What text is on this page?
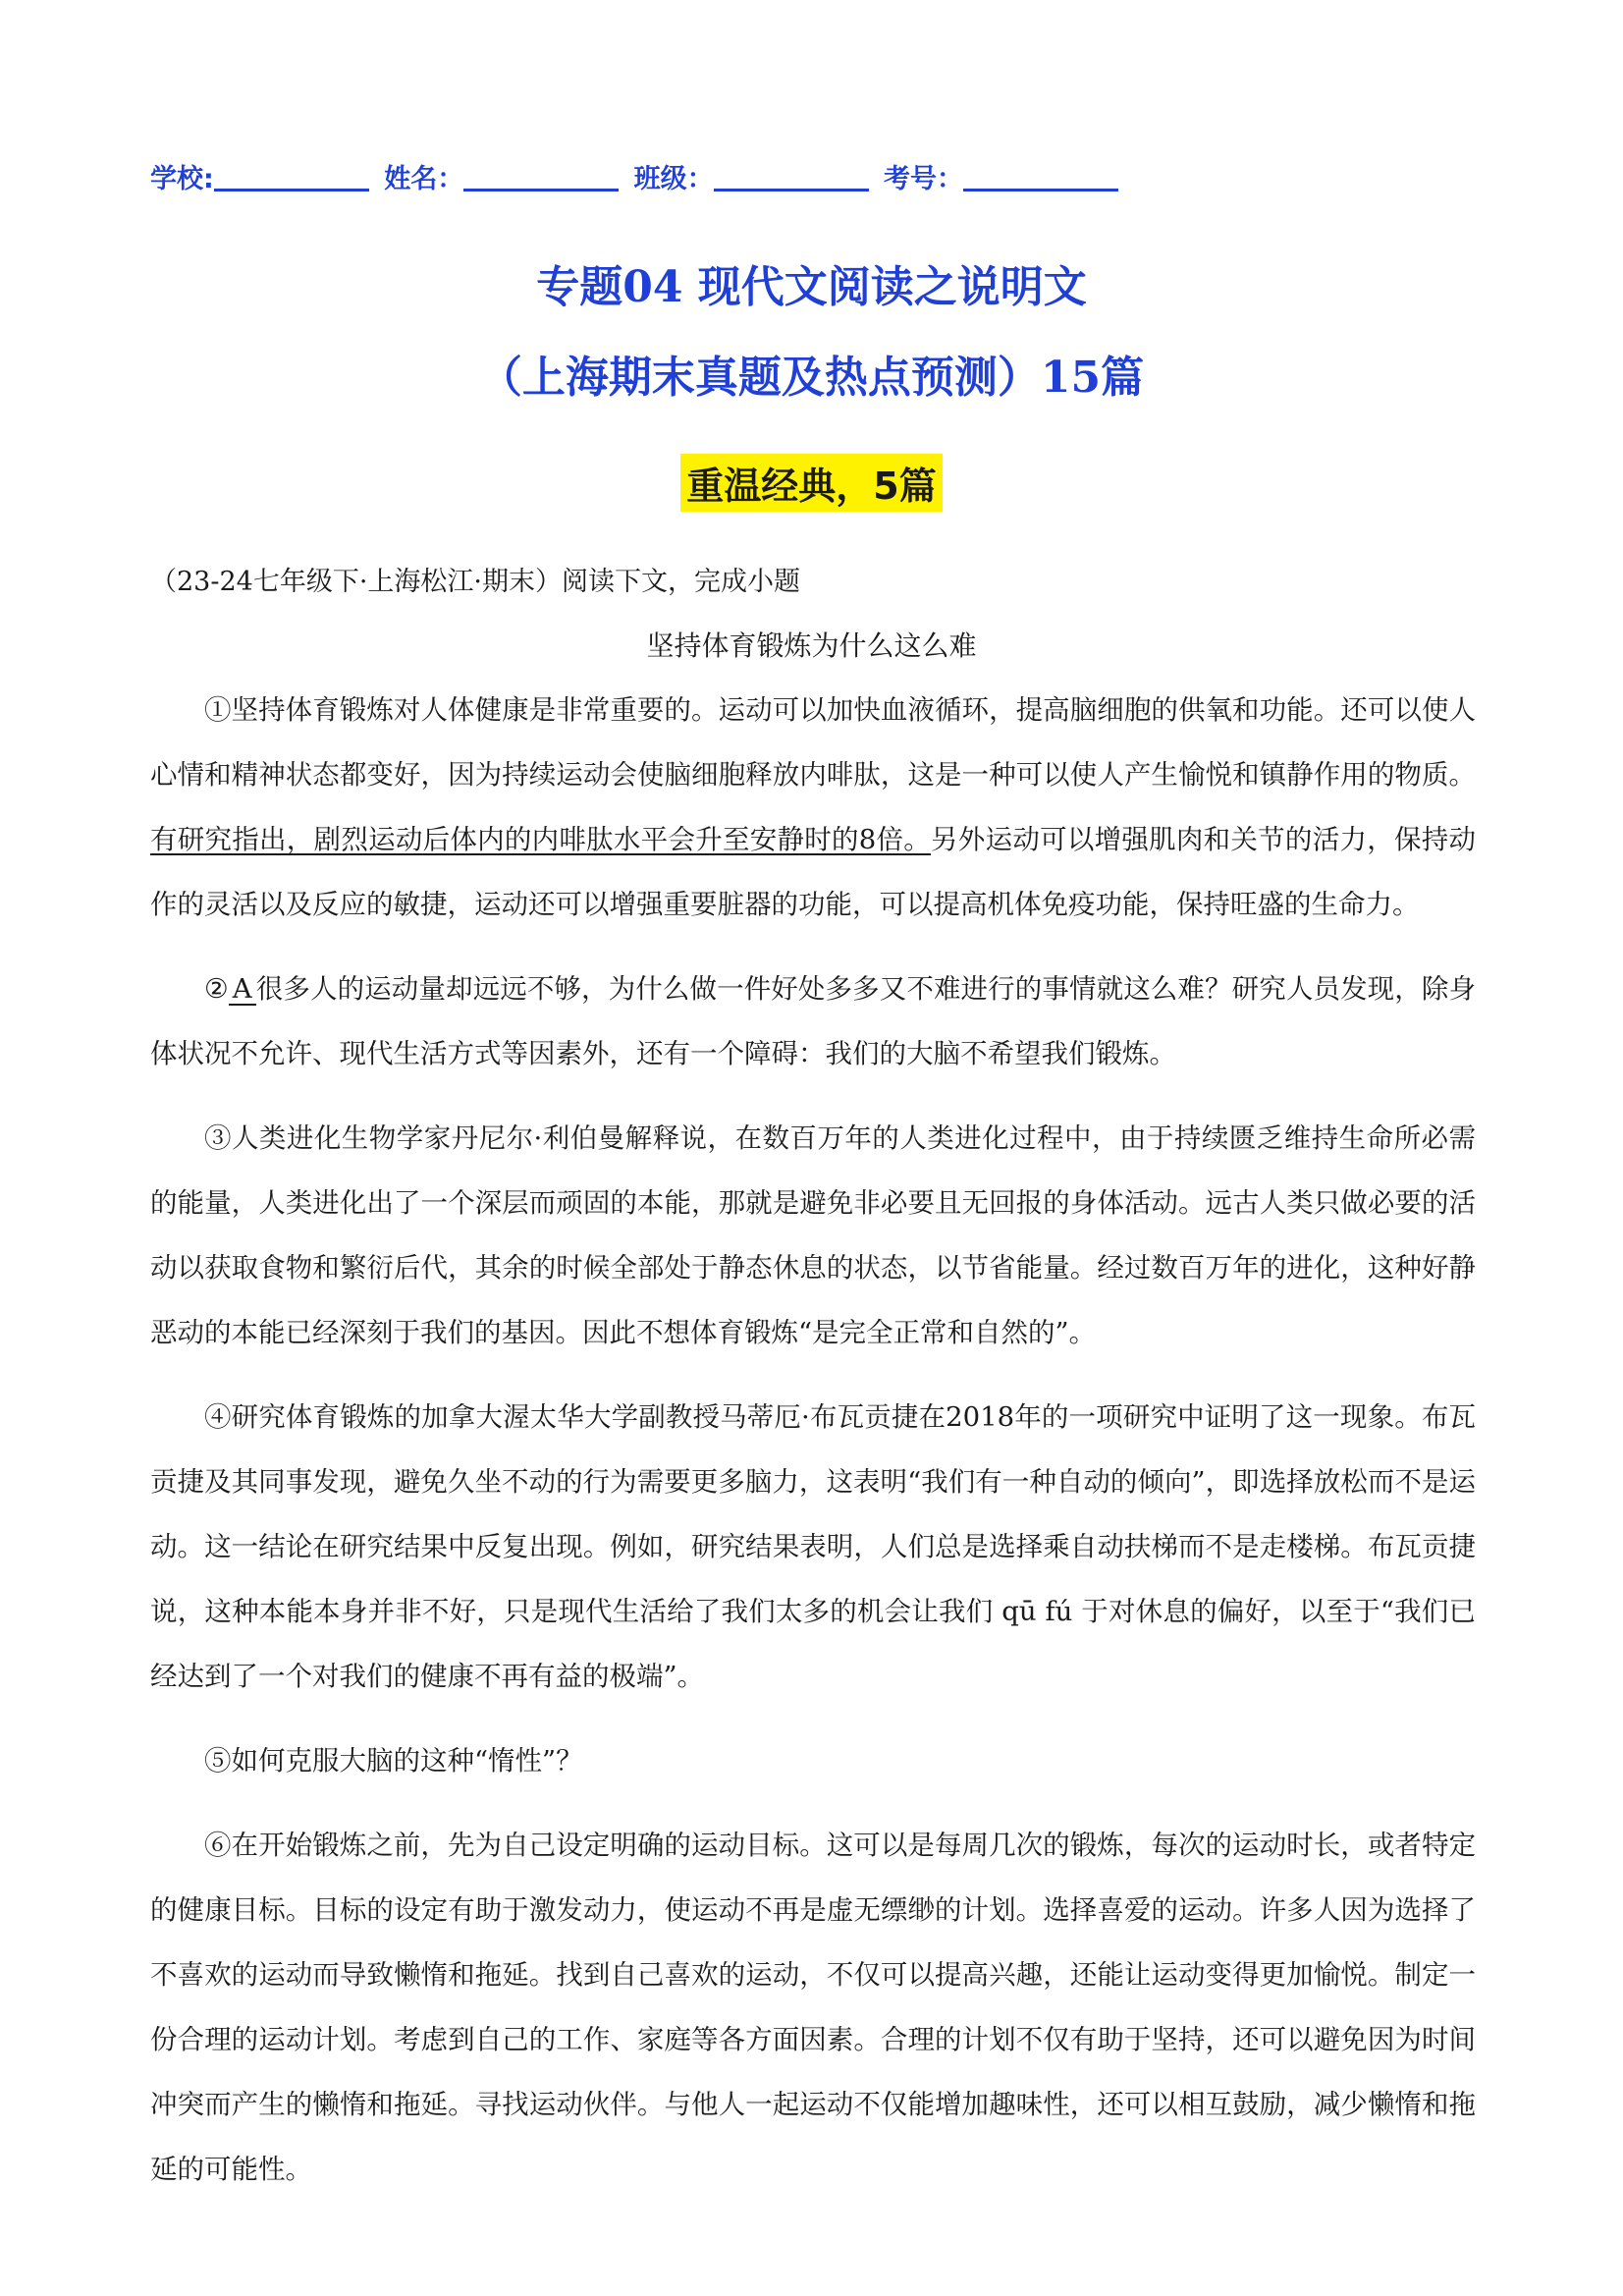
学校:	姓名：	班级：	考号：
专题04 现代文阅读之说明文
（上海期末真题及热点预测）15篇
重温经典，5篇
（23-24七年级下·上海松江·期末）阅读下文，完成小题
坚持体育锻炼为什么这么难

①坚持体育锻炼对人体健康是非常重要的。运动可以加快血液循环，提高脑细胞的供氧和功能。还可以使人心情和精神状态都变好，因为持续运动会使脑细胞释放内啡肽，这是一种可以使人产生愉悦和镇静作用的物质。有研究指出，剧烈运动后体内的内啡肽水平会升至安静时的8倍。另外运动可以增强肌肉和关节的活力，保持动作的灵活以及反应的敏捷，运动还可以增强重要脏器的功能，可以提高机体免疫功能，保持旺盛的生命力。

② A 很多人的运动量却远远不够，为什么做一件好处多多又不难进行的事情就这么难？研究人员发现，除身体状况不允许、现代生活方式等因素外，还有一个障碍：我们的大脑不希望我们锻炼。

③人类进化生物学家丹尼尔·利伯曼解释说，在数百万年的人类进化过程中，由于持续匮乏维持生命所必需的能量，人类进化出了一个深层而顽固的本能，那就是避免非必要且无回报的身体活动。远古人类只做必要的活动以获取食物和繁衍后代，其余的时候全部处于静态休息的状态，以节省能量。经过数百万年的进化，这种好静恶动的本能已经深刻于我们的基因。因此不想体育锻炼“是完全正常和自然的”。

④研究体育锻炼的加拿大渥太华大学副教授马蒂厄·布瓦贡捷在2018年的一项研究中证明了这一现象。布瓦贡捷及其同事发现，避免久坐不动的行为需要更多脑力，这表明“我们有一种自动的倾向”，即选择放松而不是运动。这一结论在研究结果中反复出现。例如，研究结果表明，人们总是选择乘自动扶梯而不是走楼梯。布瓦贡捷说，这种本能本身并非不好，只是现代生活给了我们太多的机会让我们 qū fú 于对休息的偏好，以至于“我们已经达到了一个对我们的健康不再有益的极端”。

⑤如何克服大脑的这种“惰性”？

⑥在开始锻炼之前，先为自己设定明确的运动目标。这可以是每周几次的锻炼，每次的运动时长，或者特定的健康目标。目标的设定有助于激发动力，使运动不再是虚无缥缈的计划。选择喜爱的运动。许多人因为选择了不喜欢的运动而导致懒惰和拖延。找到自己喜欢的运动，不仅可以提高兴趣，还能让运动变得更加愉悦。制定一份合理的运动计划。考虑到自己的工作、家庭等各方面因素。合理的计划不仅有助于坚持，还可以避免因为时间冲突而产生的懒惰和拖延。寻找运动伙伴。与他人一起运动不仅能增加趣味性，还可以相互鼓励，减少懒惰和拖延的可能性。
